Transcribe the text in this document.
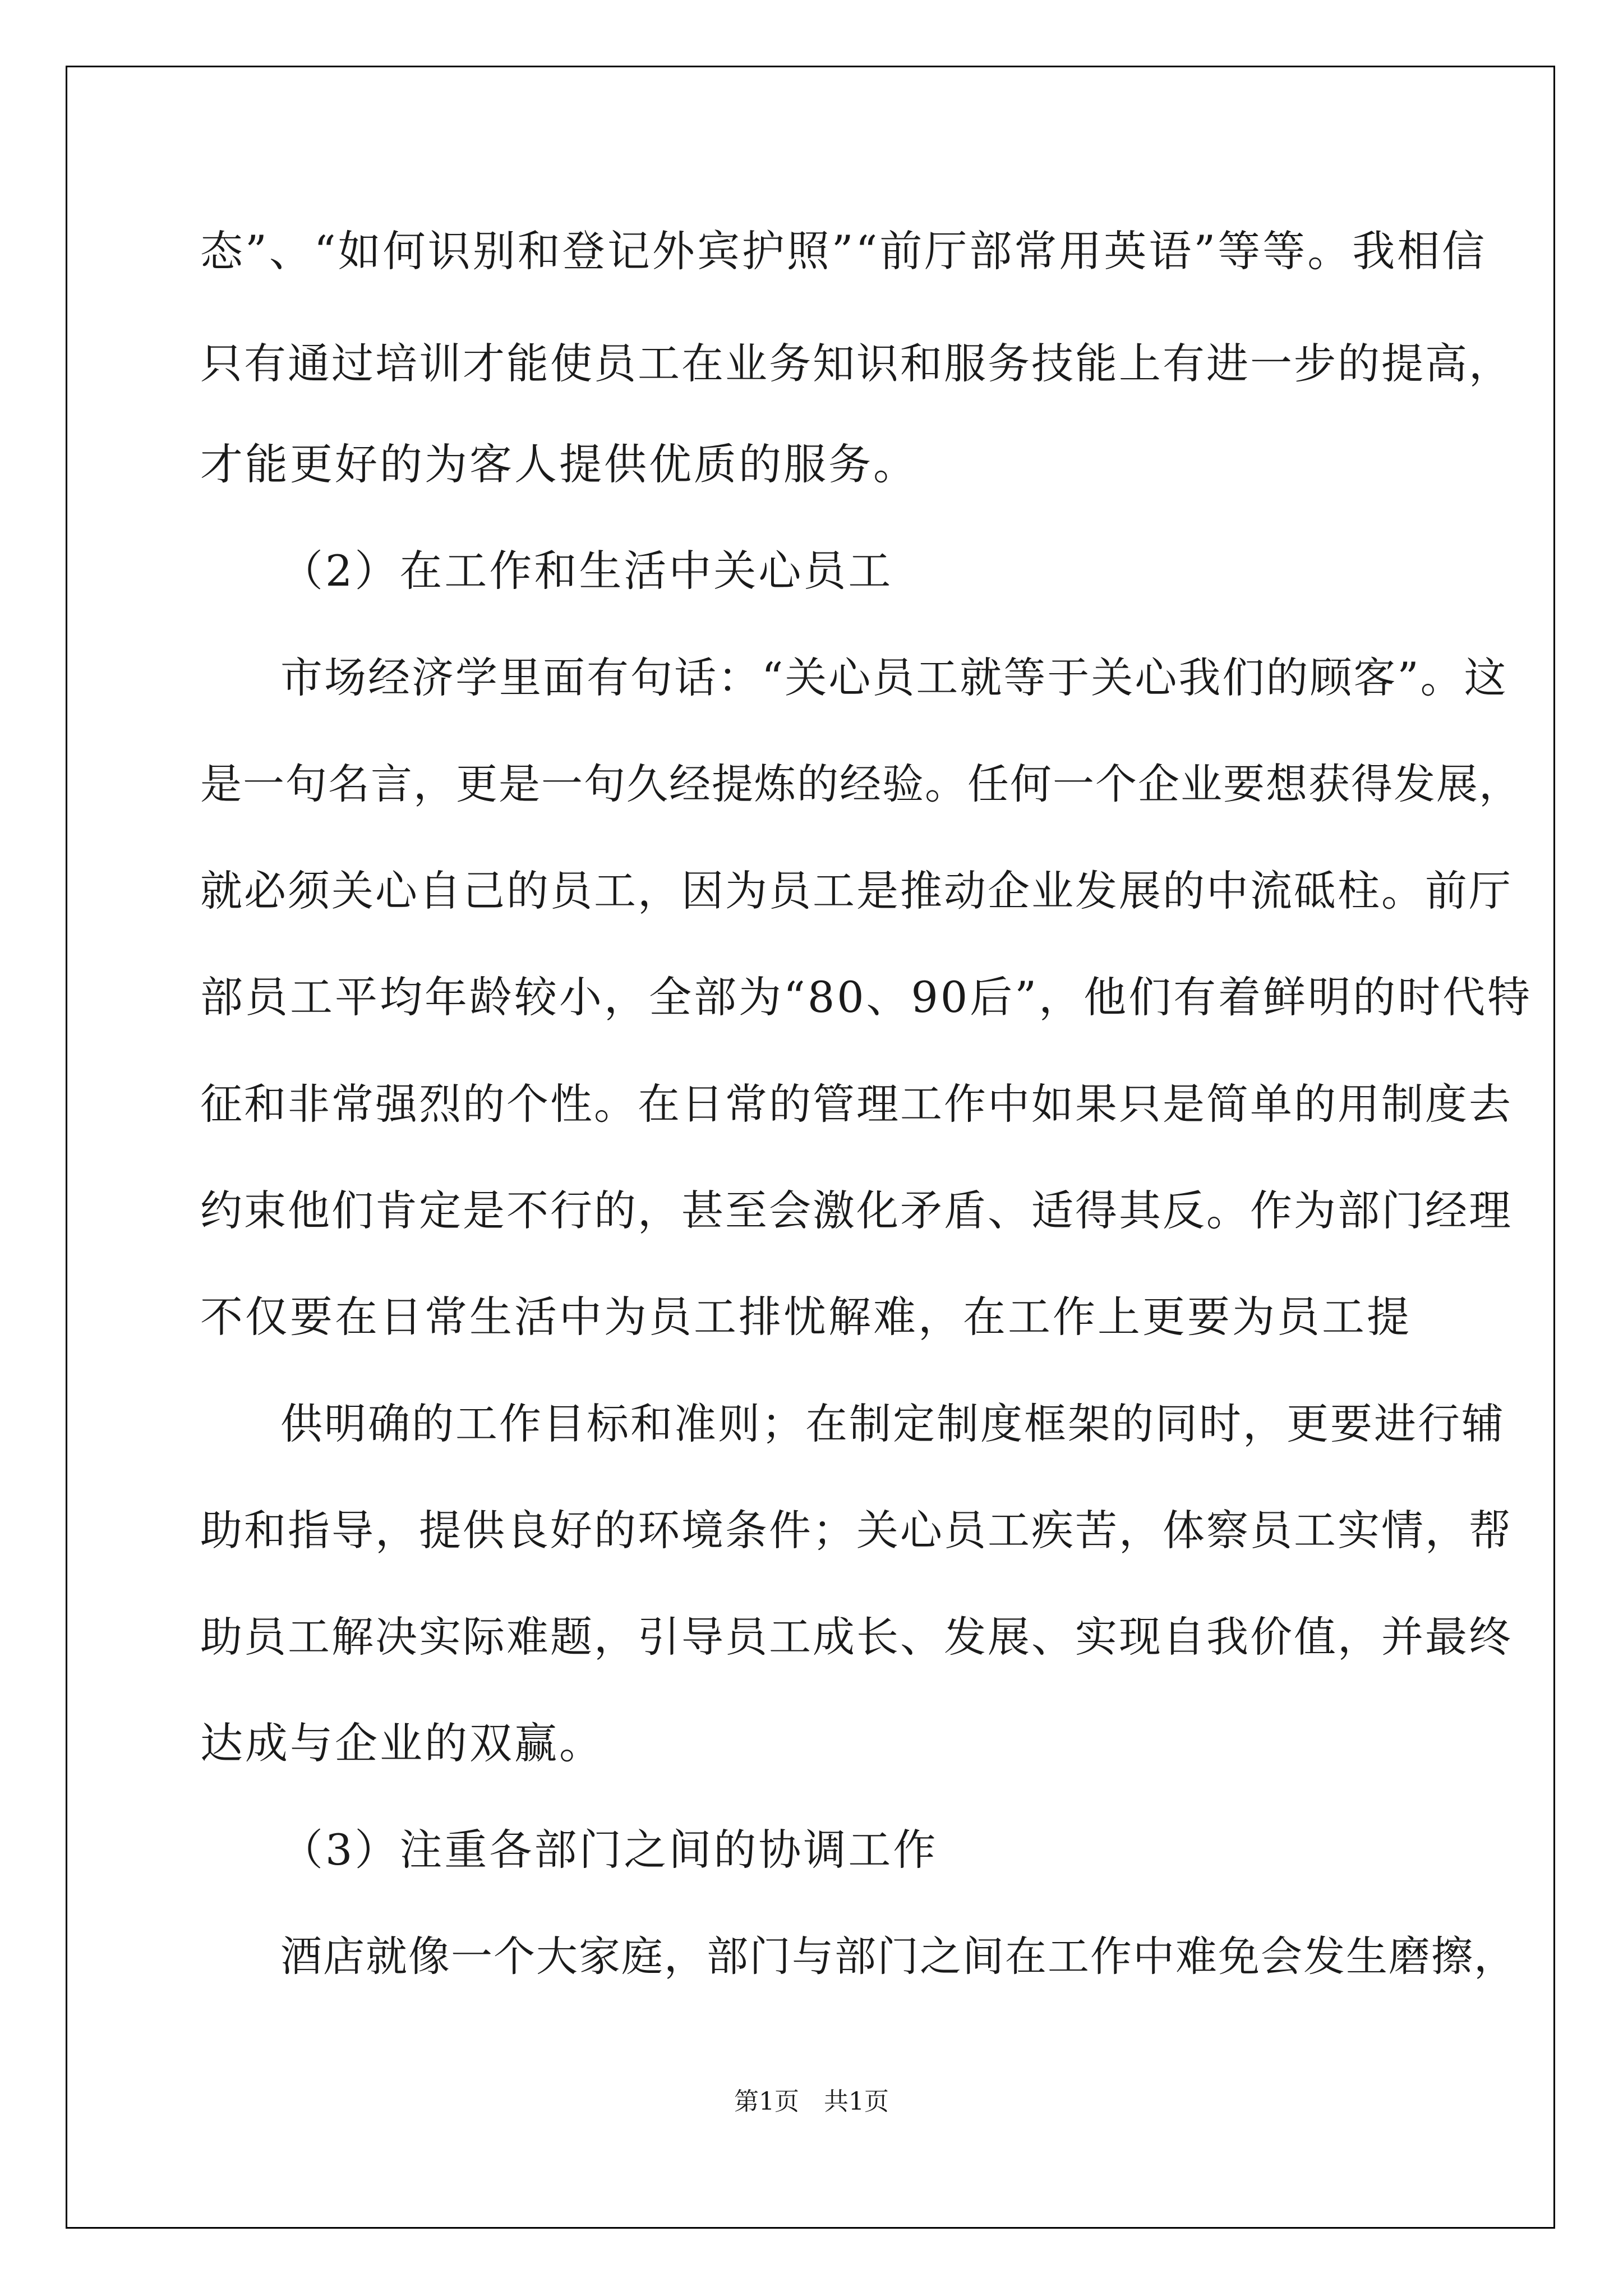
态”、“如何识别和登记外宾护照”“前厅部常用英语”等等。我相信
只有通过培训才能使员工在业务知识和服务技能上有进一步的提高，
才能更好的为客人提供优质的服务。
（2）在工作和生活中关心员工
市场经济学里面有句话：“关心员工就等于关心我们的顾客”。这
是一句名言，更是一句久经提炼的经验。任何一个企业要想获得发展，
就必须关心自己的员工，因为员工是推动企业发展的中流砥柱。前厅
部员工平均年龄较小，全部为“80、90后”，他们有着鲜明的时代特
征和非常强烈的个性。在日常的管理工作中如果只是简单的用制度去
约束他们肯定是不行的，甚至会激化矛盾、适得其反。作为部门经理
不仅要在日常生活中为员工排忧解难，在工作上更要为员工提
供明确的工作目标和准则；在制定制度框架的同时，更要进行辅
助和指导，提供良好的环境条件；关心员工疾苦，体察员工实情，帮
助员工解决实际难题，引导员工成长、发展、实现自我价值，并最终
达成与企业的双赢。
（3）注重各部门之间的协调工作
酒店就像一个大家庭，部门与部门之间在工作中难免会发生磨擦，
第1页　共1页
